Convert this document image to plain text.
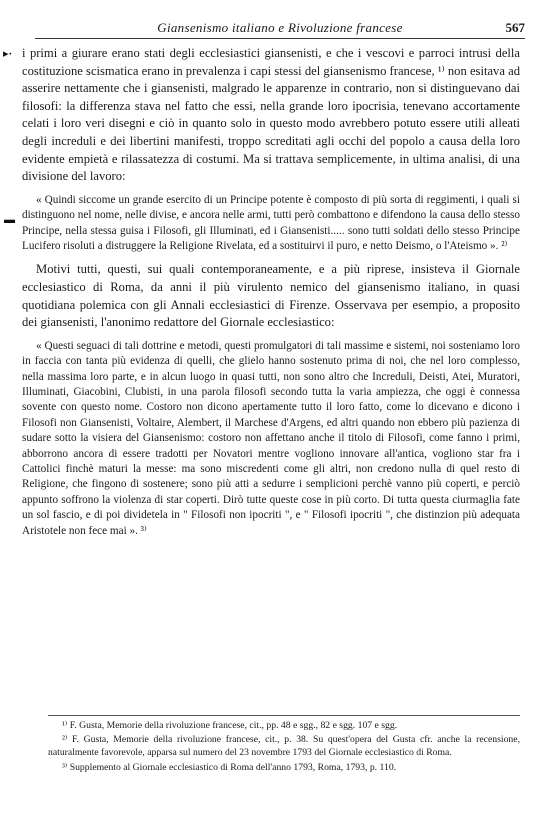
Giansenismo italiano e Rivoluzione francese	567
▸·
▬

i primi a giurare erano stati degli ecclesiastici giansenisti, e che i vescovi e parroci intrusi della costituzione scismatica erano in prevalenza i capi stessi del giansenismo francese, ¹⁾ non esitava ad asserire nettamente che i giansenisti, malgrado le apparenze in contrario, non si distinguevano dai filosofi: la differenza stava nel fatto che essi, nella grande loro ipocrisia, tenevano accortamente celati i loro veri disegni e ciò in quanto solo in questo modo avrebbero potuto essere utili alleati degli increduli e dei libertini manifesti, troppo screditati agli occhi del popolo a causa della loro evidente empietà e rilassatezza di costumi. Ma si trattava semplicemente, in ultima analisi, di una divisione del lavoro:

« Quindi siccome un grande esercito di un Principe potente è composto di più sorta di reggimenti, i quali si distinguono nel nome, nelle divise, e ancora nelle armi, tutti però combattono e difendono la causa dello stesso Principe, nella stessa guisa i Filosofi, gli Illuminati, ed i Giansenisti..... sono tutti soldati dello stesso Principe Lucifero risoluti a distruggere la Religione Rivelata, ed a sostituirvi il puro, e netto Deismo, o l'Ateismo ». ²⁾

Motivi tutti, questi, sui quali contemporaneamente, e a più riprese, insisteva il Giornale ecclesiastico di Roma, da anni il più virulento nemico del giansenismo italiano, in quasi quotidiana polemica con gli Annali ecclesiastici di Firenze. Osservava per esempio, a proposito dei giansenisti, l'anonimo redattore del Giornale ecclesiastico:

« Questi seguaci di tali dottrine e metodi, questi promulgatori di tali massime e sistemi, noi sosteniamo loro in faccia con tanta più evidenza di quelli, che glielo hanno sostenuto prima di noi, che nel loro complesso, nella massima loro parte, e in alcun luogo in quasi tutti, non sono altro che Increduli, Deisti, Atei, Muratori, Illuminati, Giacobini, Clubisti, in una parola filosofi secondo tutta la varia ampiezza, che oggi è connessa sovente con questo nome. Costoro non dicono apertamente tutto il loro fatto, come lo dicevano e dicono i Filosofi non Giansenisti, Voltaire, Alembert, il Marchese d'Argens, ed altri quando non ebbero più pazienza di sudare sotto la visiera del Giansenismo: costoro non affettano anche il titolo di Filosofi, come fanno i primi, abborrono ancora di essere tradotti per Novatori mentre vogliono innovare all'antica, vogliono star fra i Cattolici finchè maturi la messe: ma sono miscredenti come gli altri, non credono nulla di quel resto di Religione, che fingono di sostenere; sono più atti a sedurre i semplicioni perchè vanno più coperti, e perciò appunto soffrono la violenza di star coperti. Dirò tutte queste cose in più corto. Di tutta questa ciurmaglia fate un sol fascio, e di poi dividetela in " Filosofi non ipocriti ", e " Filosofi ipocriti ", che distinzion più adequata Aristotele non fece mai ». ³⁾

¹⁾ F. Gusta, Memorie della rivoluzione francese, cit., pp. 48 e sgg., 82 e sgg. 107 e sgg.

²⁾ F. Gusta, Memorie della rivoluzione francese, cit., p. 38. Su quest'opera del Gusta cfr. anche la recensione, naturalmente favorevole, apparsa sul numero del 23 novembre 1793 del Giornale ecclesiastico di Roma.

³⁾ Supplemento al Giornale ecclesiastico di Roma dell'anno 1793, Roma, 1793, p. 110.
